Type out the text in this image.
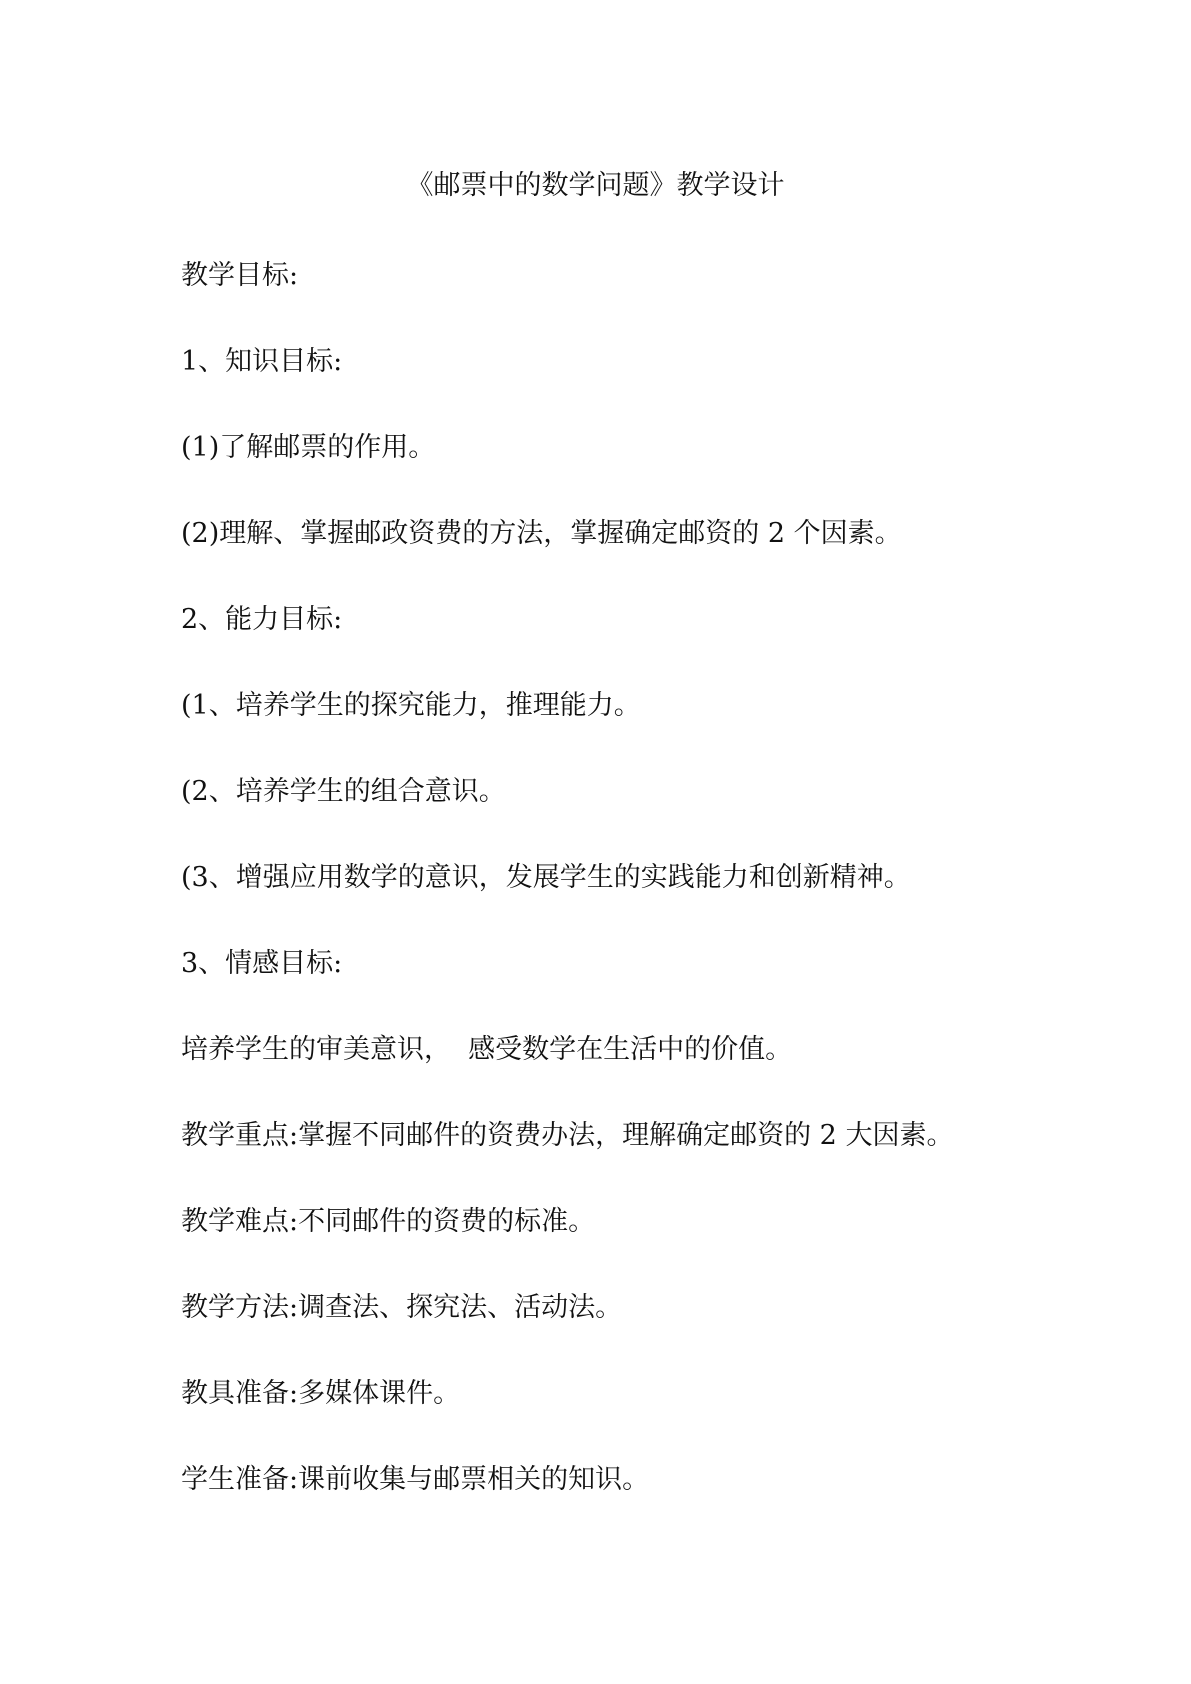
《邮票中的数学问题》教学设计
教学目标:
1、知识目标:
(1)了解邮票的作用。
(2)理解、掌握邮政资费的方法，掌握确定邮资的 2 个因素。
2、能力目标:
(1、培养学生的探究能力，推理能力。
(2、培养学生的组合意识。
(3、增强应用数学的意识，发展学生的实践能力和创新精神。
3、情感目标:
培养学生的审美意识，  感受数学在生活中的价值。
教学重点:掌握不同邮件的资费办法，理解确定邮资的 2 大因素。
教学难点:不同邮件的资费的标准。
教学方法:调查法、探究法、活动法。
教具准备:多媒体课件。
学生准备:课前收集与邮票相关的知识。
